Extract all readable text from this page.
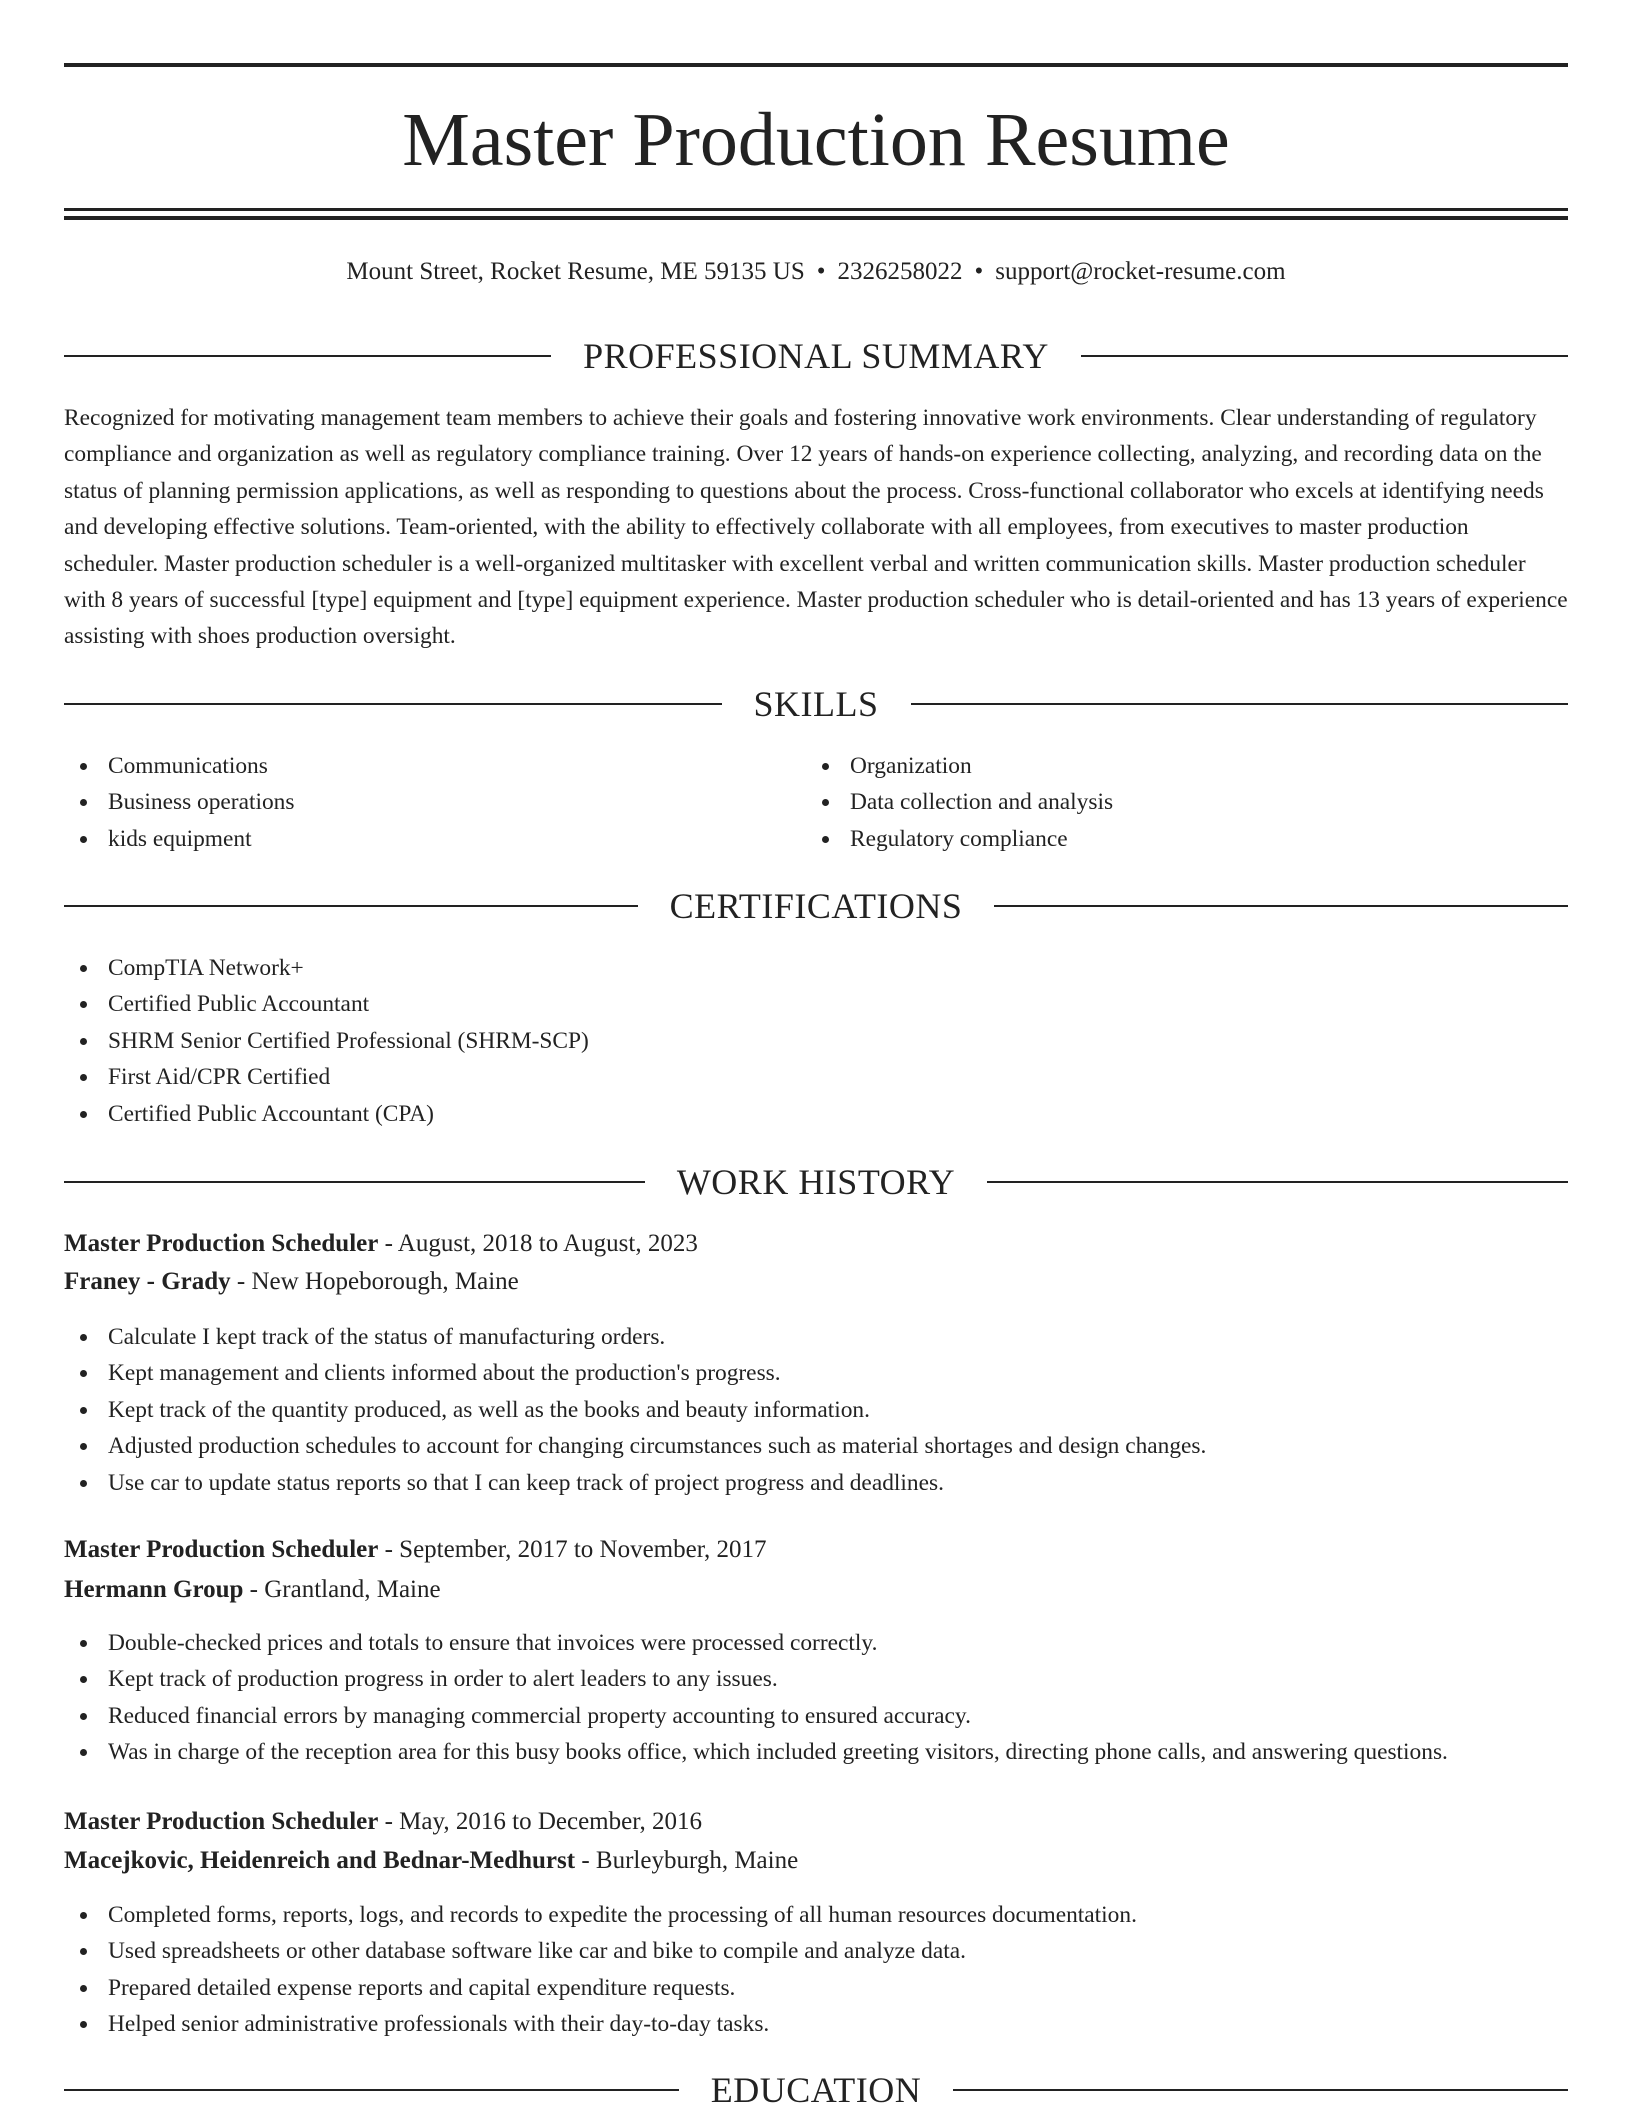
Master Production Resume
Mount Street, Rocket Resume, ME 59135 US • 2326258022 • support@rocket-resume.com
PROFESSIONAL SUMMARY

Recognized for motivating management team members to achieve their goals and fostering innovative work environments. Clear understanding of regulatory compliance and organization as well as regulatory compliance training. Over 12 years of hands-on experience collecting, analyzing, and recording data on the status of planning permission applications, as well as responding to questions about the process. Cross-functional collaborator who excels at identifying needs and developing effective solutions. Team-oriented, with the ability to effectively collaborate with all employees, from executives to master production scheduler. Master production scheduler is a well-organized multitasker with excellent verbal and written communication skills. Master production scheduler with 8 years of successful [type] equipment and [type] equipment experience. Master production scheduler who is detail-oriented and has 13 years of experience assisting with shoes production oversight.

SKILLS
Communications
Business operations
kids equipment
Organization
Data collection and analysis
Regulatory compliance
CERTIFICATIONS
CompTIA Network+
Certified Public Accountant
SHRM Senior Certified Professional (SHRM-SCP)
First Aid/CPR Certified
Certified Public Accountant (CPA)
WORK HISTORY
Master Production Scheduler - August, 2018 to August, 2023
Franey - Grady - New Hopeborough, Maine
Calculate I kept track of the status of manufacturing orders.
Kept management and clients informed about the production's progress.
Kept track of the quantity produced, as well as the books and beauty information.
Adjusted production schedules to account for changing circumstances such as material shortages and design changes.
Use car to update status reports so that I can keep track of project progress and deadlines.
Master Production Scheduler - September, 2017 to November, 2017
Hermann Group - Grantland, Maine
Double-checked prices and totals to ensure that invoices were processed correctly.
Kept track of production progress in order to alert leaders to any issues.
Reduced financial errors by managing commercial property accounting to ensured accuracy.
Was in charge of the reception area for this busy books office, which included greeting visitors, directing phone calls, and answering questions.
Master Production Scheduler - May, 2016 to December, 2016
Macejkovic, Heidenreich and Bednar-Medhurst - Burleyburgh, Maine
Completed forms, reports, logs, and records to expedite the processing of all human resources documentation.
Used spreadsheets or other database software like car and bike to compile and analyze data.
Prepared detailed expense reports and capital expenditure requests.
Helped senior administrative professionals with their day-to-day tasks.
EDUCATION
